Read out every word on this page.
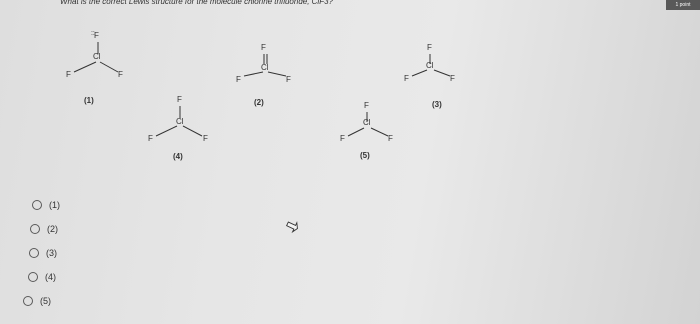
What is the correct Lewis structure for the molecule chlorine trifluoride, ClF3?	1 point
: : F
Cl
F	F
(1)
F
Cl
F	F
(2)
F
Cl
F	F
(3)
F
Cl
F	F
(4)
F
Cl
F	F
(5)
(1)
(2)
(3)
(4)
(5)
